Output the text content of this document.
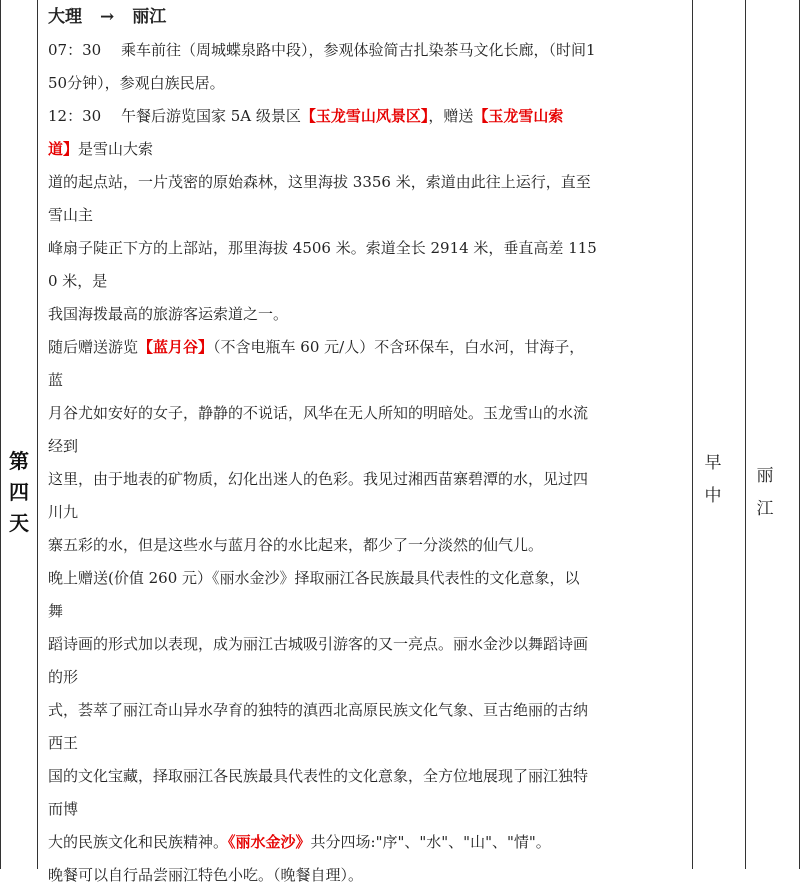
第
四
天

大理 → 丽江

07：30　 乘车前往（周城蝶泉路中段），参观体验简古扎染茶马文化长廊，（时间1

50分钟），参观白族民居。

12：30　 午餐后游览国家 5A 级景区【玉龙雪山风景区】，赠送【玉龙雪山索

道】是雪山大索

道的起点站，一片茂密的原始森林，这里海拔 3356 米，索道由此往上运行，直至

雪山主

峰扇子陡正下方的上部站，那里海拔 4506 米。索道全长 2914 米，垂直高差 115

0 米，是

我国海拨最高的旅游客运索道之一。

随后赠送游览【蓝月谷】（不含电瓶车 60 元/人）不含环保车，白水河，甘海子，

蓝

月谷尤如安好的女子，静静的不说话，风华在无人所知的明暗处。玉龙雪山的水流

经到

这里，由于地表的矿物质，幻化出迷人的色彩。我见过湘西苗寨碧潭的水，见过四

川九

寨五彩的水，但是这些水与蓝月谷的水比起来，都少了一分淡然的仙气儿。

晚上赠送(价值 260 元）《丽水金沙》择取丽江各民族最具代表性的文化意象，以

舞

蹈诗画的形式加以表现，成为丽江古城吸引游客的又一亮点。丽水金沙以舞蹈诗画

的形

式，荟萃了丽江奇山异水孕育的独特的滇西北高原民族文化气象、亘古绝丽的古纳

西王

国的文化宝藏，择取丽江各民族最具代表性的文化意象，全方位地展现了丽江独特

而博

大的民族文化和民族精神。《丽水金沙》共分四场:"序"、"水"、"山"、"情"。

晚餐可以自行品尝丽江特色小吃。（晚餐自理）。

早
中
丽
江
